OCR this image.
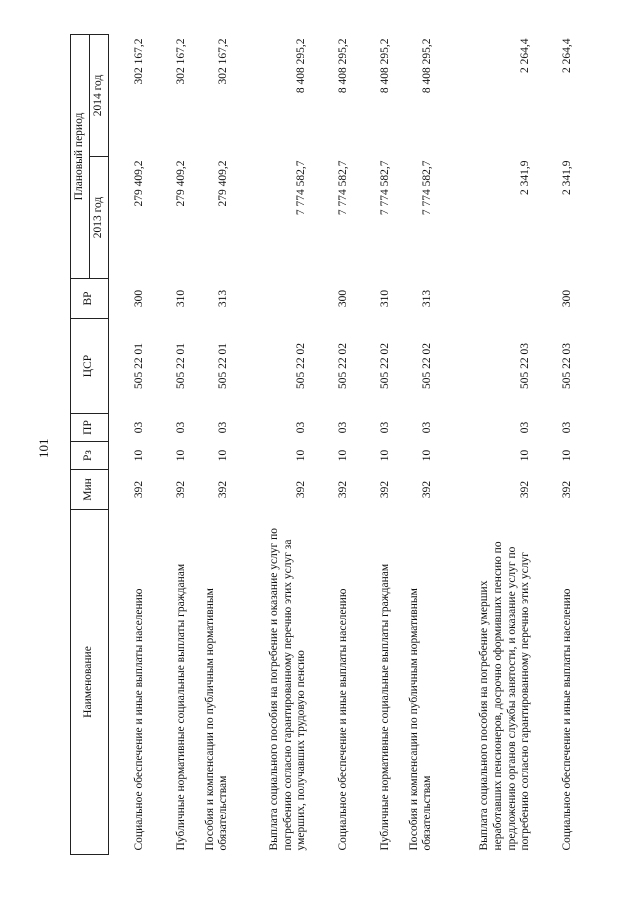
101
Наименование	Мин	Рз	ПР	ЦСР	ВР	Плановый период	
						2013 год	2014 год
Социальное обеспечение и иные выплаты населению	392	10	03	505 22 01	300	279 409,2	302 167,2
Публичные нормативные социальные выплаты гражданам	392	10	03	505 22 01	310	279 409,2	302 167,2
Пособия и компенсации по публичным нормативным обязательствам	392	10	03	505 22 01	313	279 409,2	302 167,2
Выплата социального пособия на погребение и оказание услуг по погребению согласно гарантированному перечню этих услуг за умерших, получавших трудовую пенсию	392	10	03	505 22 02		7 774 582,7	8 408 295,2
Социальное обеспечение и иные выплаты населению	392	10	03	505 22 02	300	7 774 582,7	8 408 295,2
Публичные нормативные социальные выплаты гражданам	392	10	03	505 22 02	310	7 774 582,7	8 408 295,2
Пособия и компенсации по публичным нормативным обязательствам	392	10	03	505 22 02	313	7 774 582,7	8 408 295,2
Выплата социального пособия на погребение умерших неработавших пенсионеров, досрочно оформивших пенсию по предложению органов службы занятости, и оказание услуг по погребению согласно гарантированному перечню этих услуг	392	10	03	505 22 03		2 341,9	2 264,4
Социальное обеспечение и иные выплаты населению	392	10	03	505 22 03	300	2 341,9	2 264,4
